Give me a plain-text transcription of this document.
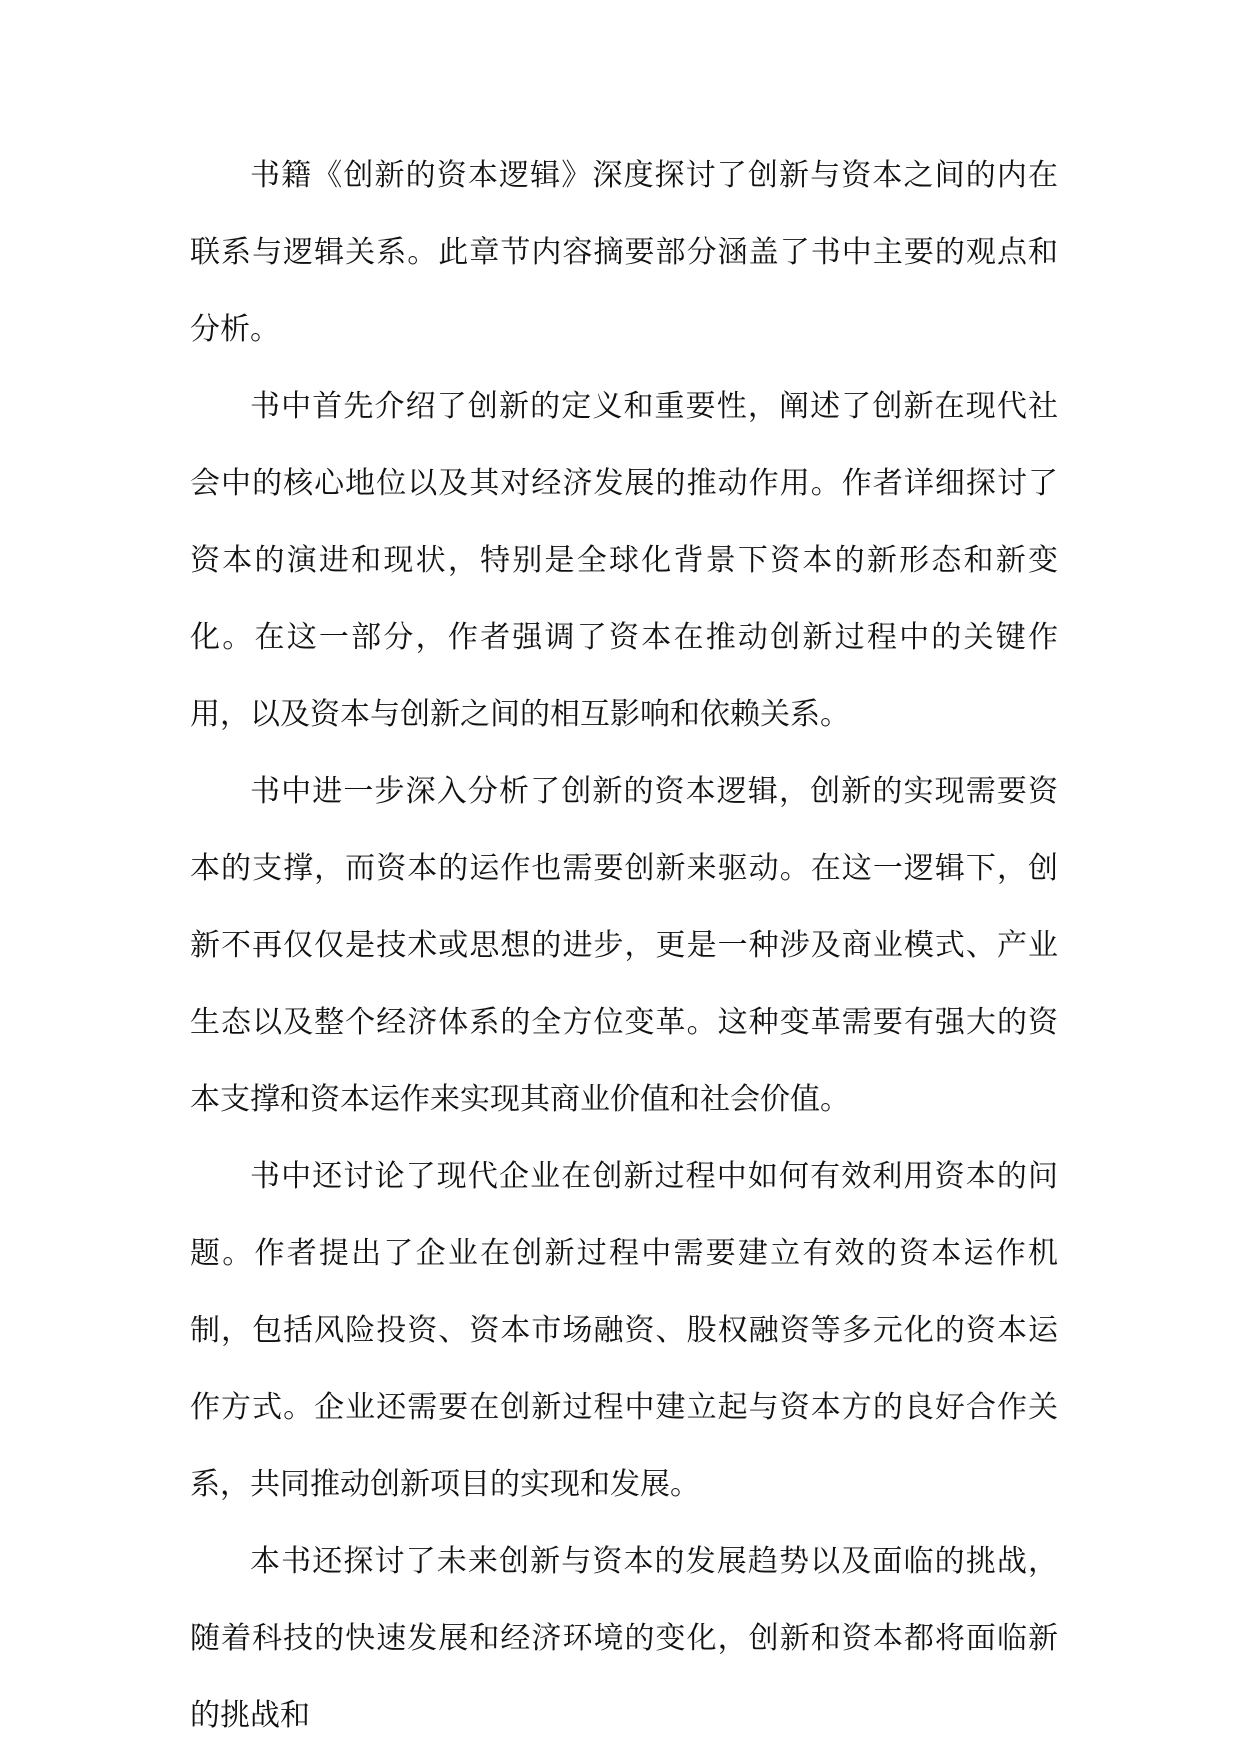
书籍《创新的资本逻辑》深度探讨了创新与资本之间的内在联系与逻辑关系。此章节内容摘要部分涵盖了书中主要的观点和分析。

书中首先介绍了创新的定义和重要性，阐述了创新在现代社会中的核心地位以及其对经济发展的推动作用。作者详细探讨了资本的演进和现状，特别是全球化背景下资本的新形态和新变化。在这一部分，作者强调了资本在推动创新过程中的关键作用，以及资本与创新之间的相互影响和依赖关系。

书中进一步深入分析了创新的资本逻辑，创新的实现需要资本的支撑，而资本的运作也需要创新来驱动。在这一逻辑下，创新不再仅仅是技术或思想的进步，更是一种涉及商业模式、产业生态以及整个经济体系的全方位变革。这种变革需要有强大的资本支撑和资本运作来实现其商业价值和社会价值。

书中还讨论了现代企业在创新过程中如何有效利用资本的问题。作者提出了企业在创新过程中需要建立有效的资本运作机制，包括风险投资、资本市场融资、股权融资等多元化的资本运作方式。企业还需要在创新过程中建立起与资本方的良好合作关系，共同推动创新项目的实现和发展。

本书还探讨了未来创新与资本的发展趋势以及面临的挑战，随着科技的快速发展和经济环境的变化，创新和资本都将面临新的挑战和
